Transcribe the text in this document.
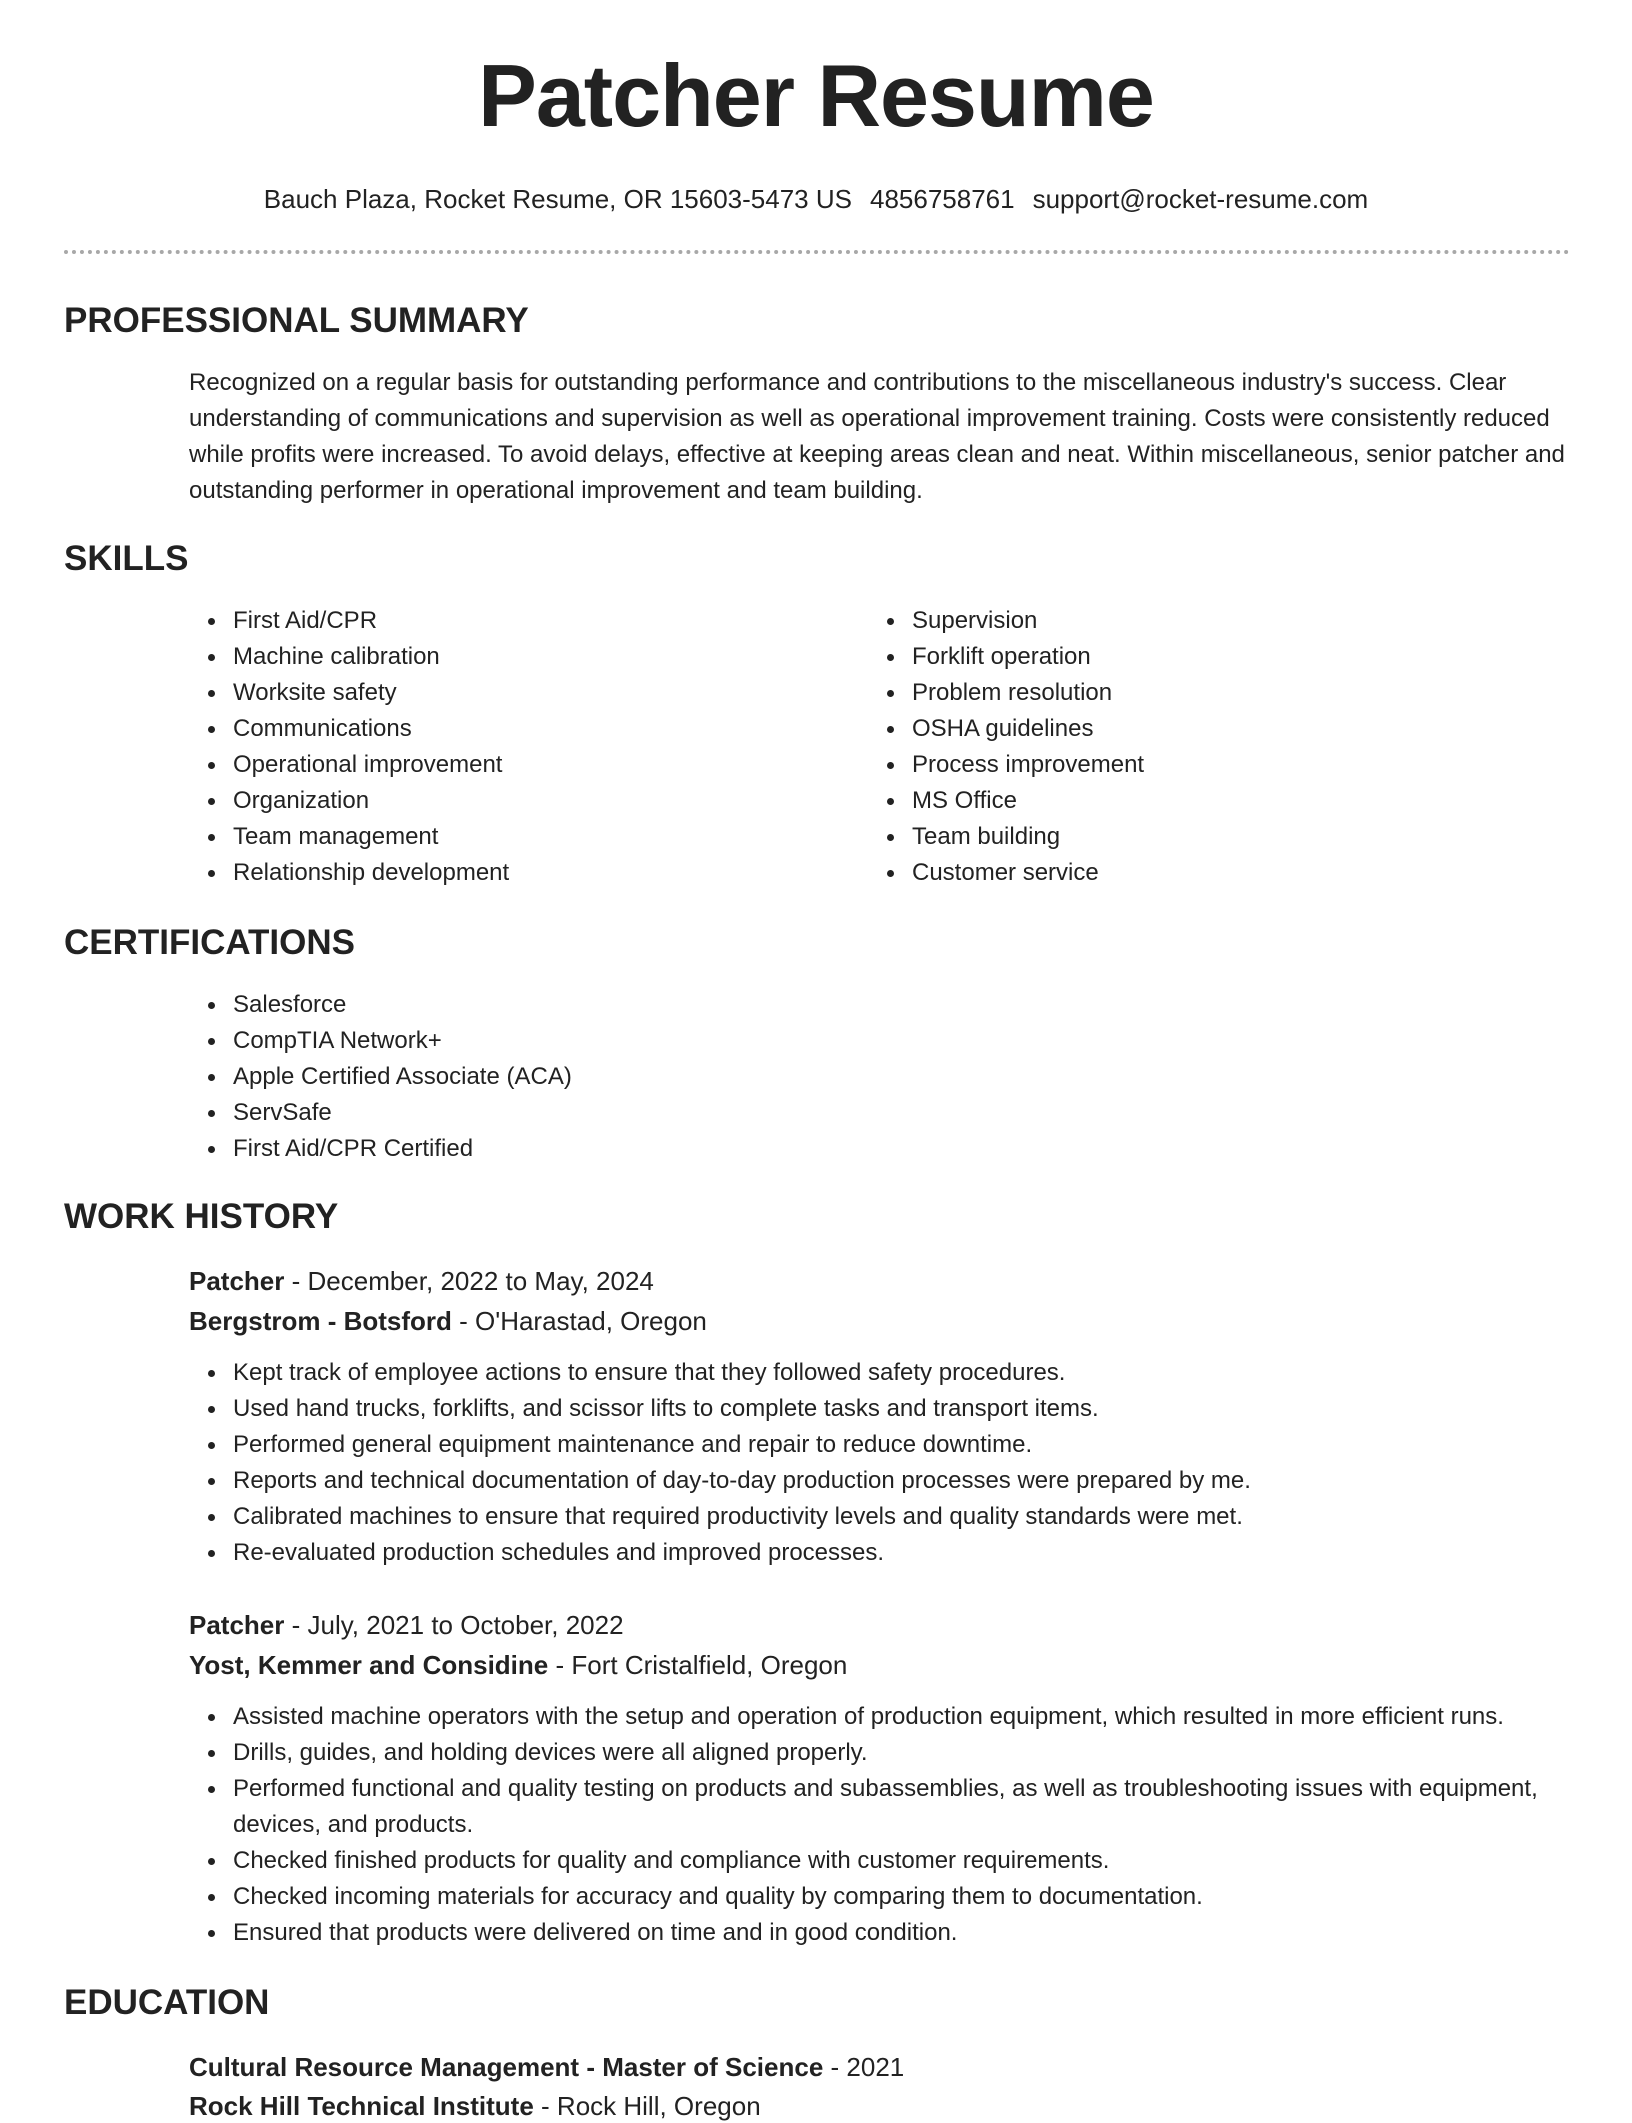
Patcher Resume
Bauch Plaza, Rocket Resume, OR 15603-5473 US 4856758761 support@rocket-resume.com
PROFESSIONAL SUMMARY
Recognized on a regular basis for outstanding performance and contributions to the miscellaneous industry's success. Clear understanding of communications and supervision as well as operational improvement training. Costs were consistently reduced while profits were increased. To avoid delays, effective at keeping areas clean and neat. Within miscellaneous, senior patcher and outstanding performer in operational improvement and team building.
SKILLS
First Aid/CPR
Machine calibration
Worksite safety
Communications
Operational improvement
Organization
Team management
Relationship development
Supervision
Forklift operation
Problem resolution
OSHA guidelines
Process improvement
MS Office
Team building
Customer service
CERTIFICATIONS
Salesforce
CompTIA Network+
Apple Certified Associate (ACA)
ServSafe
First Aid/CPR Certified
WORK HISTORY
Patcher - December, 2022 to May, 2024
Bergstrom - Botsford - O'Harastad, Oregon
Kept track of employee actions to ensure that they followed safety procedures.
Used hand trucks, forklifts, and scissor lifts to complete tasks and transport items.
Performed general equipment maintenance and repair to reduce downtime.
Reports and technical documentation of day-to-day production processes were prepared by me.
Calibrated machines to ensure that required productivity levels and quality standards were met.
Re-evaluated production schedules and improved processes.
Patcher - July, 2021 to October, 2022
Yost, Kemmer and Considine - Fort Cristalfield, Oregon
Assisted machine operators with the setup and operation of production equipment, which resulted in more efficient runs.
Drills, guides, and holding devices were all aligned properly.
Performed functional and quality testing on products and subassemblies, as well as troubleshooting issues with equipment, devices, and products.
Checked finished products for quality and compliance with customer requirements.
Checked incoming materials for accuracy and quality by comparing them to documentation.
Ensured that products were delivered on time and in good condition.
EDUCATION
Cultural Resource Management - Master of Science - 2021
Rock Hill Technical Institute - Rock Hill, Oregon
